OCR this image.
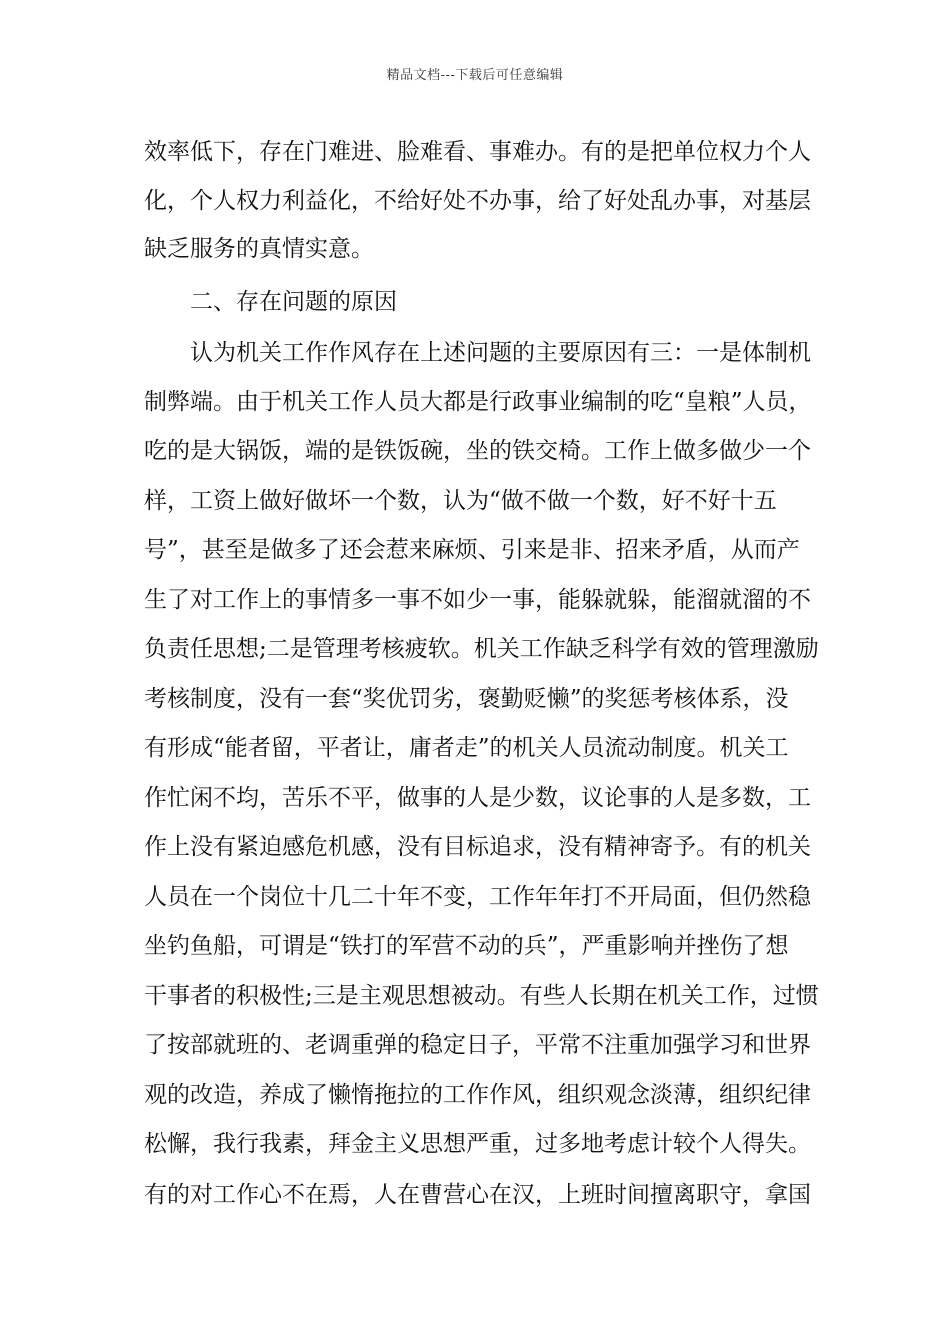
精品文档---下载后可任意编辑
效率低下，存在门难进、脸难看、事难办。有的是把单位权力个人
化，个人权力利益化，不给好处不办事，给了好处乱办事，对基层
缺乏服务的真情实意。
二、存在问题的原因
认为机关工作作风存在上述问题的主要原因有三：一是体制机
制弊端。由于机关工作人员大都是行政事业编制的吃“皇粮”人员，
吃的是大锅饭，端的是铁饭碗，坐的铁交椅。工作上做多做少一个
样，工资上做好做坏一个数，认为“做不做一个数，好不好十五
号”，甚至是做多了还会惹来麻烦、引来是非、招来矛盾，从而产
生了对工作上的事情多一事不如少一事，能躲就躲，能溜就溜的不
负责任思想;二是管理考核疲软。机关工作缺乏科学有效的管理激励
考核制度，没有一套“奖优罚劣，褒勤贬懒”的奖惩考核体系，没
有形成“能者留，平者让，庸者走”的机关人员流动制度。机关工
作忙闲不均，苦乐不平，做事的人是少数，议论事的人是多数，工
作上没有紧迫感危机感，没有目标追求，没有精神寄予。有的机关
人员在一个岗位十几二十年不变，工作年年打不开局面，但仍然稳
坐钓鱼船，可谓是“铁打的军营不动的兵”，严重影响并挫伤了想
干事者的积极性;三是主观思想被动。有些人长期在机关工作，过惯
了按部就班的、老调重弹的稳定日子，平常不注重加强学习和世界
观的改造，养成了懒惰拖拉的工作作风，组织观念淡薄，组织纪律
松懈，我行我素，拜金主义思想严重，过多地考虑计较个人得失。
有的对工作心不在焉，人在曹营心在汉，上班时间擅离职守，拿国
